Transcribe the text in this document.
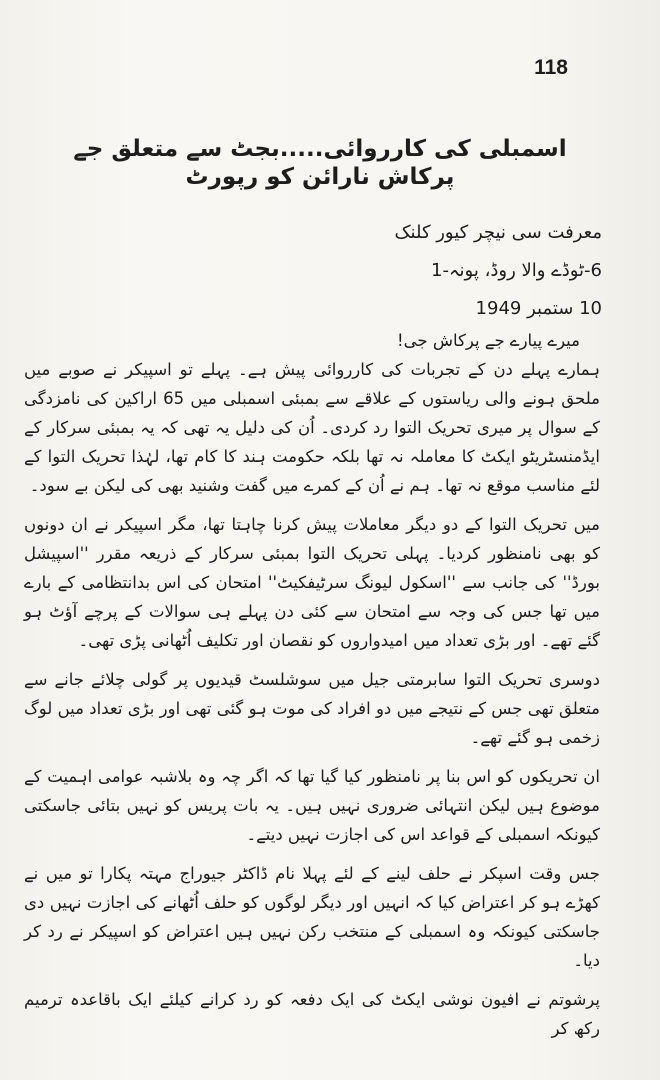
118
اسمبلی کی کارروائی.....بجٹ سے متعلق جے پرکاش نارائن کو رپورٹ
معرفت سی نیچر کیور کلنک
6-ٹوڈے والا روڈ، پونہ-1
10 ستمبر 1949

میرے پیارے جے پرکاش جی!

ہمارے پہلے دن کے تجربات کی کارروائی پیش ہے۔ پہلے تو اسپیکر نے صوبے میں ملحق ہونے والی ریاستوں کے علاقے سے بمبئی اسمبلی میں 65 اراکین کی نامزدگی کے سوال پر میری تحریک التوا رد کردی۔ اُن کی دلیل یہ تھی کہ یہ بمبئی سرکار کے ایڈمنسٹریٹو ایکٹ کا معاملہ نہ تھا بلکہ حکومت ہند کا کام تھا، لہٰذا تحریک التوا کے لئے مناسب موقع نہ تھا۔ ہم نے اُن کے کمرے میں گفت وشنید بھی کی لیکن بے سود۔

میں تحریک التوا کے دو دیگر معاملات پیش کرنا چاہتا تھا، مگر اسپیکر نے ان دونوں کو بھی نامنظور کردیا۔ پہلی تحریک التوا بمبئی سرکار کے ذریعہ مقرر ''اسپیشل بورڈ'' کی جانب سے ''اسکول لیونگ سرٹیفکیٹ'' امتحان کی اس بدانتظامی کے بارے میں تھا جس کی وجہ سے امتحان سے کئی دن پہلے ہی سوالات کے پرچے آؤٹ ہو گئے تھے۔ اور بڑی تعداد میں امیدواروں کو نقصان اور تکلیف اُٹھانی پڑی تھی۔

دوسری تحریک التوا سابرمتی جیل میں سوشلسٹ قیدیوں پر گولی چلائے جانے سے متعلق تھی جس کے نتیجے میں دو افراد کی موت ہو گئی تھی اور بڑی تعداد میں لوگ زخمی ہو گئے تھے۔

ان تحریکوں کو اس بنا پر نامنظور کیا گیا تھا کہ اگر چہ وہ بلاشبہ عوامی اہمیت کے موضوع ہیں لیکن انتہائی ضروری نہیں ہیں۔ یہ بات پریس کو نہیں بتائی جاسکتی کیونکہ اسمبلی کے قواعد اس کی اجازت نہیں دیتے۔

جس وقت اسپکر نے حلف لینے کے لئے پہلا نام ڈاکٹر جیوراج مہتہ پکارا تو میں نے کھڑے ہو کر اعتراض کیا کہ انہیں اور دیگر لوگوں کو حلف اُٹھانے کی اجازت نہیں دی جاسکتی کیونکہ وہ اسمبلی کے منتخب رکن نہیں ہیں اعتراض کو اسپیکر نے رد کر دیا۔

پرشوتم نے افیون نوشی ایکٹ کی ایک دفعہ کو رد کرانے کیلئے ایک باقاعدہ ترمیم رکھ کر
